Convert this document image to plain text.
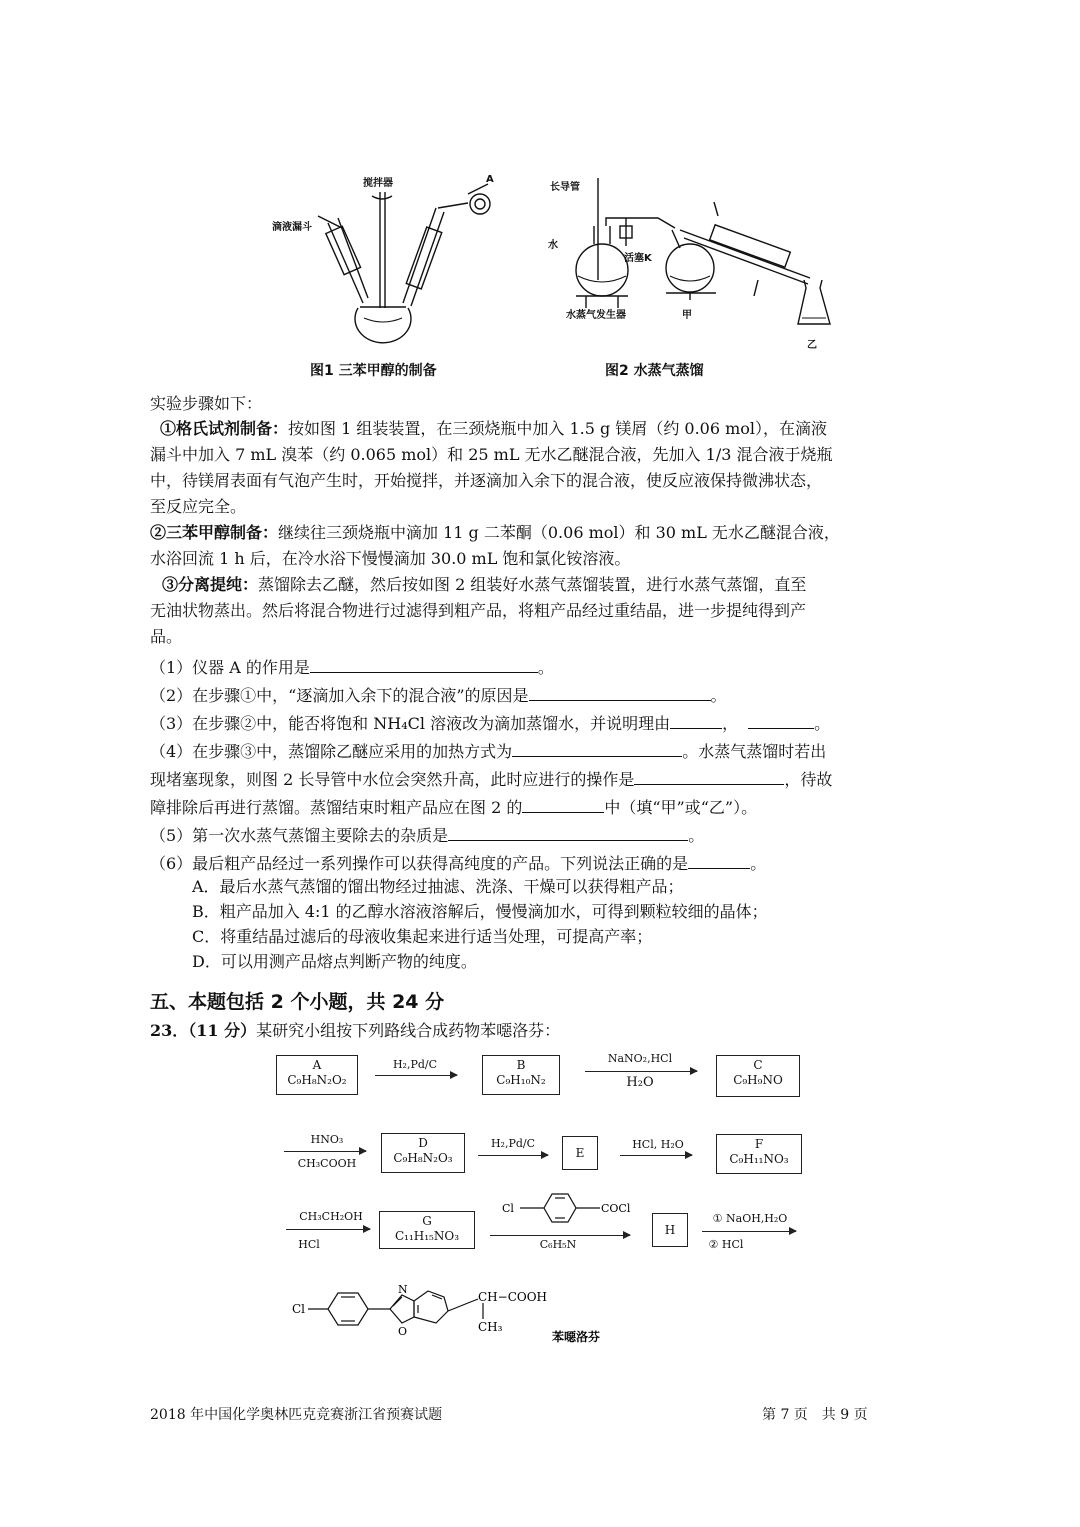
搅拌器	A
滴液漏斗
图1 三苯甲醇的制备
长导管
水
活塞K
水蒸气发生器	甲
乙
图2 水蒸气蒸馏
实验步骤如下：
①格氏试剂制备：按如图 1 组装装置，在三颈烧瓶中加入 1.5 g 镁屑（约 0.06 mol），在滴液
漏斗中加入 7 mL 溴苯（约 0.065 mol）和 25 mL 无水乙醚混合液，先加入 1/3 混合液于烧瓶
中，待镁屑表面有气泡产生时，开始搅拌，并逐滴加入余下的混合液，使反应液保持微沸状态，
至反应完全。
②三苯甲醇制备：继续往三颈烧瓶中滴加 11 g 二苯酮（0.06 mol）和 30 mL 无水乙醚混合液，
水浴回流 1 h 后，在冷水浴下慢慢滴加 30.0 mL 饱和氯化铵溶液。
③分离提纯：蒸馏除去乙醚，然后按如图 2 组装好水蒸气蒸馏装置，进行水蒸气蒸馏，直至
无油状物蒸出。然后将混合物进行过滤得到粗产品，将粗产品经过重结晶，进一步提纯得到产
品。
（1）仪器 A 的作用是	。
（2）在步骤①中，“逐滴加入余下的混合液”的原因是	。
（3）在步骤②中，能否将饱和 NH₄Cl 溶液改为滴加蒸馏水，并说明理由	，	。
（4）在步骤③中，蒸馏除乙醚应采用的加热方式为	。水蒸气蒸馏时若出
现堵塞现象，则图 2 长导管中水位会突然升高，此时应进行的操作是	，待故
障排除后再进行蒸馏。蒸馏结束时粗产品应在图 2 的	中（填“甲”或“乙”）。
（5）第一次水蒸气蒸馏主要除去的杂质是	。
（6）最后粗产品经过一系列操作可以获得高纯度的产品。下列说法正确的是	。
A．最后水蒸气蒸馏的馏出物经过抽滤、洗涤、干燥可以获得粗产品；
B．粗产品加入 4:1 的乙醇水溶液溶解后，慢慢滴加水，可得到颗粒较细的晶体；
C．将重结晶过滤后的母液收集起来进行适当处理，可提高产率；
D．可以用测产品熔点判断产物的纯度。
五、本题包括 2 个小题，共 24 分
23．（11 分）某研究小组按下列路线合成药物苯噁洛芬：
A
C₉H₈N₂O₂
H₂,Pd/C	B
C₉H₁₀N₂
NaNO₂,HCl
H₂O
C
C₉H₉NO
HNO₃
CH₃COOH
D
C₉H₈N₂O₃
H₂,Pd/C
E
HCl, H₂O	F
C₉H₁₁NO₃
CH₃CH₂OH
HCl
G
C₁₁H₁₅NO₃
Cl	COCl
C₆H₅N
H
① NaOH,H₂O
② HCl
Cl
N
O
CH−COOH
CH₃
苯噁洛芬
2018 年中国化学奥林匹克竞赛浙江省预赛试题	第 7 页　共 9 页
